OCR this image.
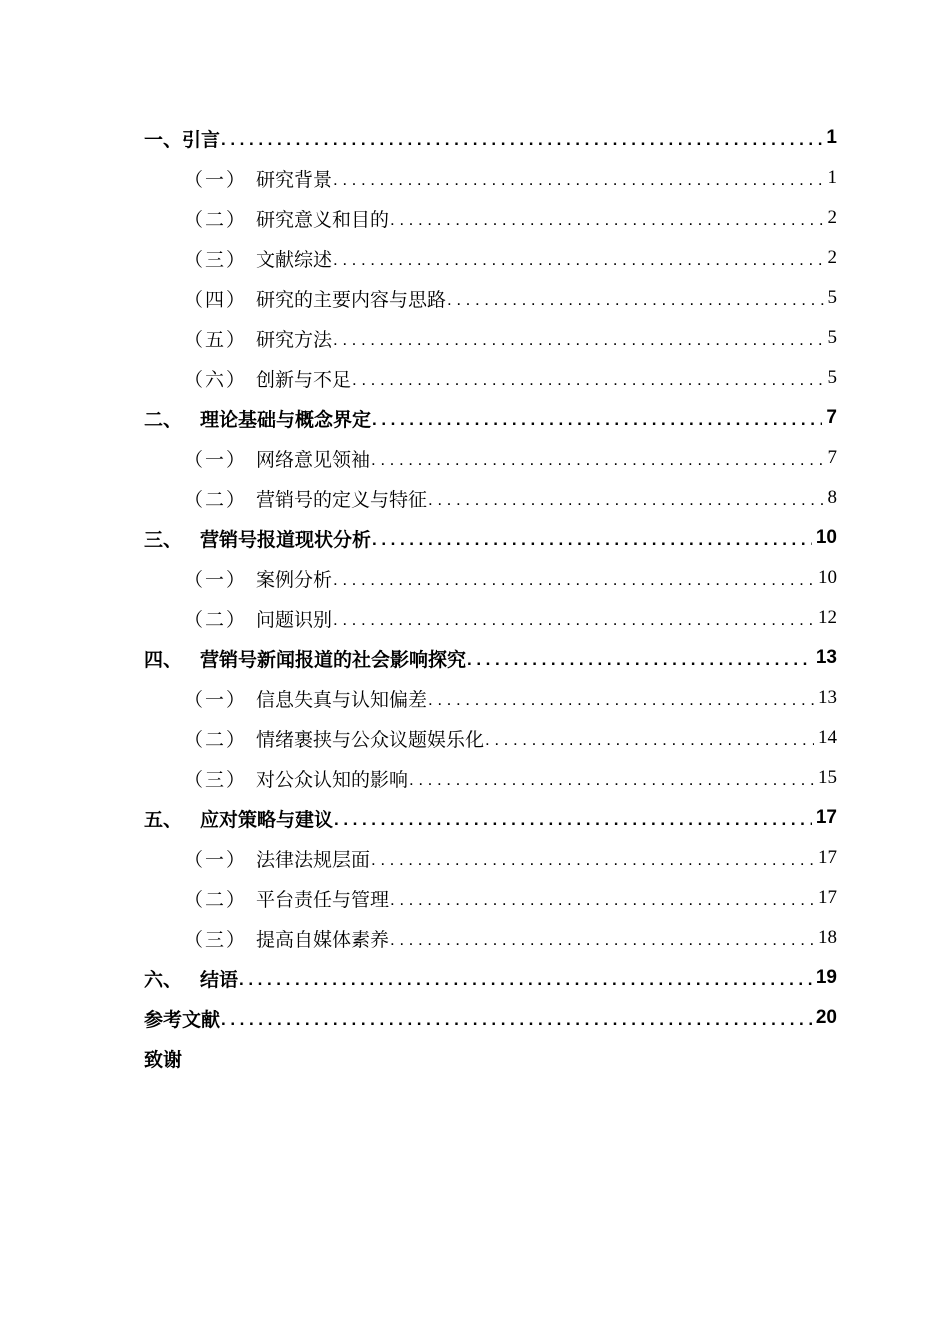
一、 引言 .....	1
（一） 研究背景 .....	1
（二） 研究意义和目的 .....	2
（三） 文献综述 .....	2
（四） 研究的主要内容与思路 .....	5
（五） 研究方法 .....	5
（六） 创新与不足 .....	5
二、 理论基础与概念界定 .....	7
（一） 网络意见领袖 .....	7
（二） 营销号的定义与特征 .....	8
三、 营销号报道现状分析 .....	10
（一） 案例分析 .....	10
（二） 问题识别 .....	12
四、 营销号新闻报道的社会影响探究 .....	13
（一） 信息失真与认知偏差 .....	13
（二） 情绪裹挟与公众议题娱乐化 .....	14
（三） 对公众认知的影响 .....	15
五、 应对策略与建议 .....	17
（一） 法律法规层面 .....	17
（二） 平台责任与管理 .....	17
（三） 提高自媒体素养 .....	18
六、 结语 .....	19
参考文献 .....	20
致谢
